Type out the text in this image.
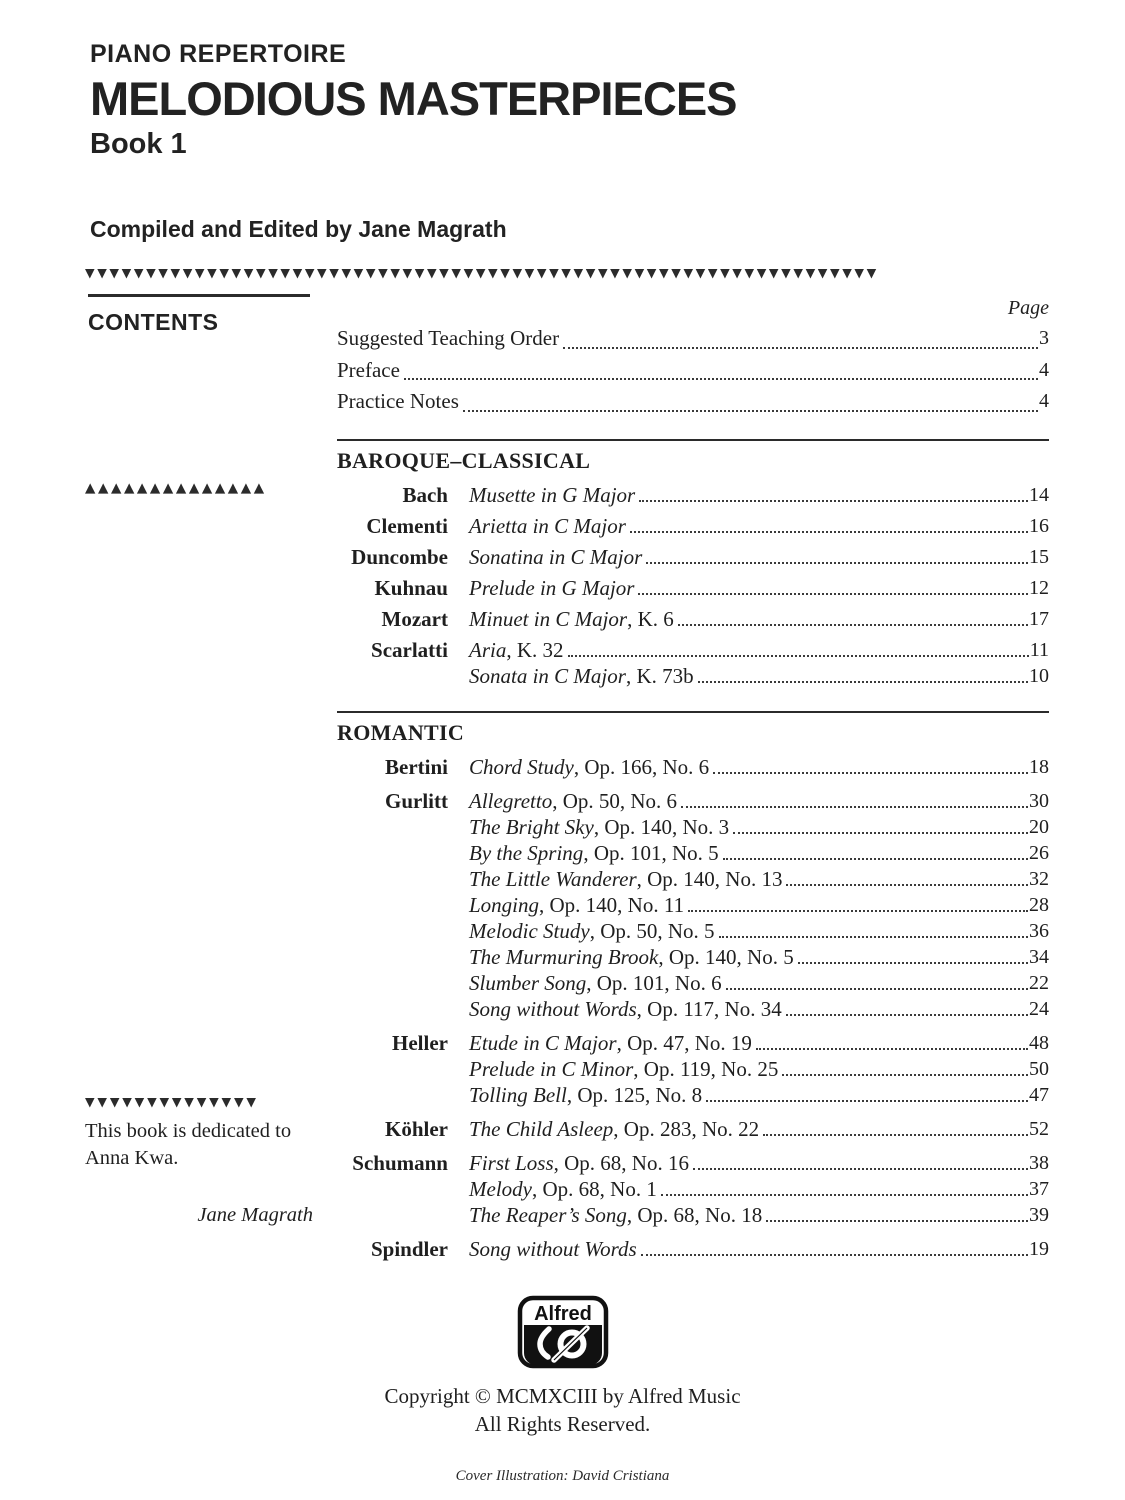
PIANO REPERTOIRE
MELODIOUS MASTERPIECES
Book 1
Compiled and Edited by Jane Magrath
▼▼▼▼▼▼▼▼▼▼▼▼▼▼▼▼▼▼▼▼▼▼▼▼▼▼▼▼▼▼▼▼▼▼▼▼▼▼▼▼▼▼▼▼▼▼▼▼▼▼▼▼▼▼▼▼▼▼▼▼▼▼▼▼▼
▲▲▲▲▲▲▲▲▲▲▲▲▲▲
CONTENTS
Page
Suggested Teaching Order	3
Preface	4
Practice Notes	4
BAROQUE–CLASSICAL
Bach	Musette in G Major	14
Clementi	Arietta in C Major	16
Duncombe	Sonatina in C Major	15
Kuhnau	Prelude in G Major	12
Mozart	Minuet in C Major , K. 6	17
Scarlatti	Aria , K. 32	11
Sonata in C Major , K. 73b	10
ROMANTIC
Bertini	Chord Study , Op. 166, No. 6	18
Gurlitt	Allegretto , Op. 50, No. 6	30
The Bright Sky , Op. 140, No. 3	20
By the Spring , Op. 101, No. 5	26
The Little Wanderer , Op. 140, No. 13	32
Longing , Op. 140, No. 11	28
Melodic Study , Op. 50, No. 5	36
The Murmuring Brook , Op. 140, No. 5	34
Slumber Song , Op. 101, No. 6	22
Song without Words , Op. 117, No. 34	24
Heller	Etude in C Major , Op. 47, No. 19	48
Prelude in C Minor , Op. 119, No. 25	50
Tolling Bell , Op. 125, No. 8	47
Köhler	The Child Asleep , Op. 283, No. 22	52
Schumann	First Loss , Op. 68, No. 16	38
Melody , Op. 68, No. 1	37
The Reaper’s Song , Op. 68, No. 18	39
Spindler	Song without Words	19
▼▼▼▼▼▼▼▼▼▼▼▼▼▼
This book is dedicated to
Anna Kwa.
Jane Magrath
Alfred
Copyright © MCMXCIII by Alfred Music
All Rights Reserved.
Cover Illustration: David Cristiana
